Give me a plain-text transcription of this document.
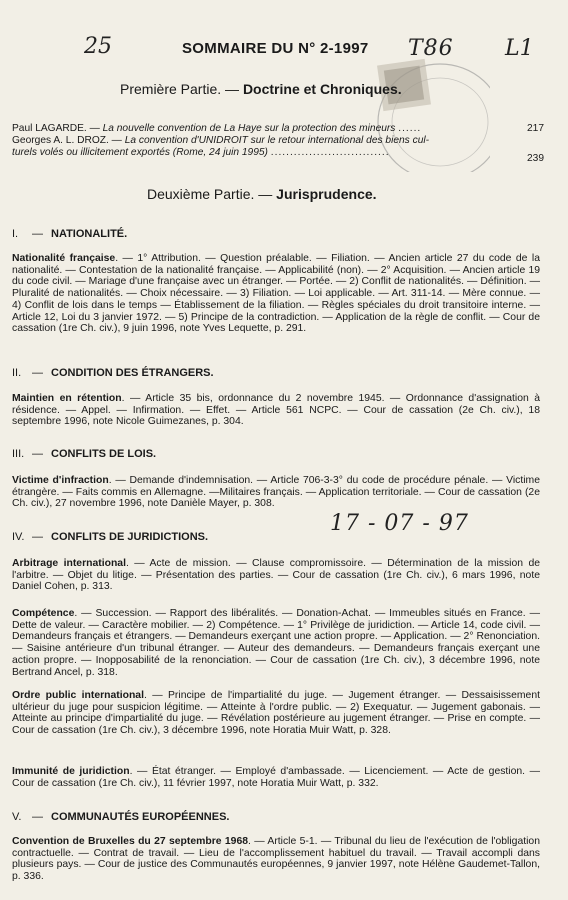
25	T86 L1
SOMMAIRE DU N° 2-1997
Première Partie. — Doctrine et Chroniques.
Paul LAGARDE. — La nouvelle convention de La Haye sur la protection des mineurs ......	217
Georges A. L. DROZ. — La convention d'UNIDROIT sur le retour international des biens cul-
turels volés ou illicitement exportés (Rome, 24 juin 1995) ...............................
239
Deuxième Partie. — Jurisprudence.
I. — NATIONALITÉ.
Nationalité française. — 1° Attribution. — Question préalable. — Filiation. — Ancien article 27 du code de la nationalité. — Contestation de la nationalité française. — Applicabilité (non). — 2° Acquisition. — Ancien article 19 du code civil. — Mariage d'une française avec un étranger. — Portée. — 2) Conflit de nationalités. — Définition. — Pluralité de nationalités. — Choix nécessaire. — 3) Filiation. — Loi applicable. — Art. 311-14. — Mère connue. — 4) Conflit de lois dans le temps — Établissement de la filiation. — Règles spéciales du droit transitoire interne. — Article 12, Loi du 3 janvier 1972. — 5) Principe de la contradiction. — Application de la règle de conflit. — Cour de cassation (1re Ch. civ.), 9 juin 1996, note Yves Lequette, p. 291.
II. — CONDITION DES ÉTRANGERS.
Maintien en rétention. — Article 35 bis, ordonnance du 2 novembre 1945. — Ordonnance d'assignation à résidence. — Appel. — Infirmation. — Effet. — Article 561 NCPC. — Cour de cassation (2e Ch. civ.), 18 septembre 1996, note Nicole Guimezanes, p. 304.
III. — CONFLITS DE LOIS.
Victime d'infraction. — Demande d'indemnisation. — Article 706-3-3° du code de procédure pénale. — Victime étrangère. — Faits commis en Allemagne. —Militaires français. — Application territoriale. — Cour de cassation (2e Ch. civ.), 27 novembre 1996, note Danièle Mayer, p. 308.
17 - 07 - 97
IV. — CONFLITS DE JURIDICTIONS.
Arbitrage international. — Acte de mission. — Clause compromissoire. — Détermination de la mission de l'arbitre. — Objet du litige. — Présentation des parties. — Cour de cassation (1re Ch. civ.), 6 mars 1996, note Daniel Cohen, p. 313.
Compétence. — Succession. — Rapport des libéralités. — Donation-Achat. — Immeubles situés en France. — Dette de valeur. — Caractère mobilier. — 2) Compétence. — 1° Privilège de juridiction. — Article 14, code civil. — Demandeurs français et étrangers. — Demandeurs exerçant une action propre. — Application. — 2° Renonciation. — Saisine antérieure d'un tribunal étranger. — Auteur des demandeurs. — Demandeurs français exerçant une action propre. — Inopposabilité de la renonciation. — Cour de cassation (1re Ch. civ.), 3 décembre 1996, note Bertrand Ancel, p. 318.
Ordre public international. — Principe de l'impartialité du juge. — Jugement étranger. — Dessaisissement ultérieur du juge pour suspicion légitime. — Atteinte à l'ordre public. — 2) Exequatur. — Jugement gabonais. — Atteinte au principe d'impartialité du juge. — Révélation postérieure au jugement étranger. — Prise en compte. — Cour de cassation (1re Ch. civ.), 3 décembre 1996, note Horatia Muir Watt, p. 328.
Immunité de juridiction. — État étranger. — Employé d'ambassade. — Licenciement. — Acte de gestion. — Cour de cassation (1re Ch. civ.), 11 février 1997, note Horatia Muir Watt, p. 332.
V. — COMMUNAUTÉS EUROPÉENNES.
Convention de Bruxelles du 27 septembre 1968. — Article 5-1. — Tribunal du lieu de l'exécution de l'obligation contractuelle. — Contrat de travail. — Lieu de l'accomplissement habituel du travail. — Travail accompli dans plusieurs pays. — Cour de justice des Communautés européennes, 9 janvier 1997, note Hélène Gaudemet-Tallon, p. 336.
